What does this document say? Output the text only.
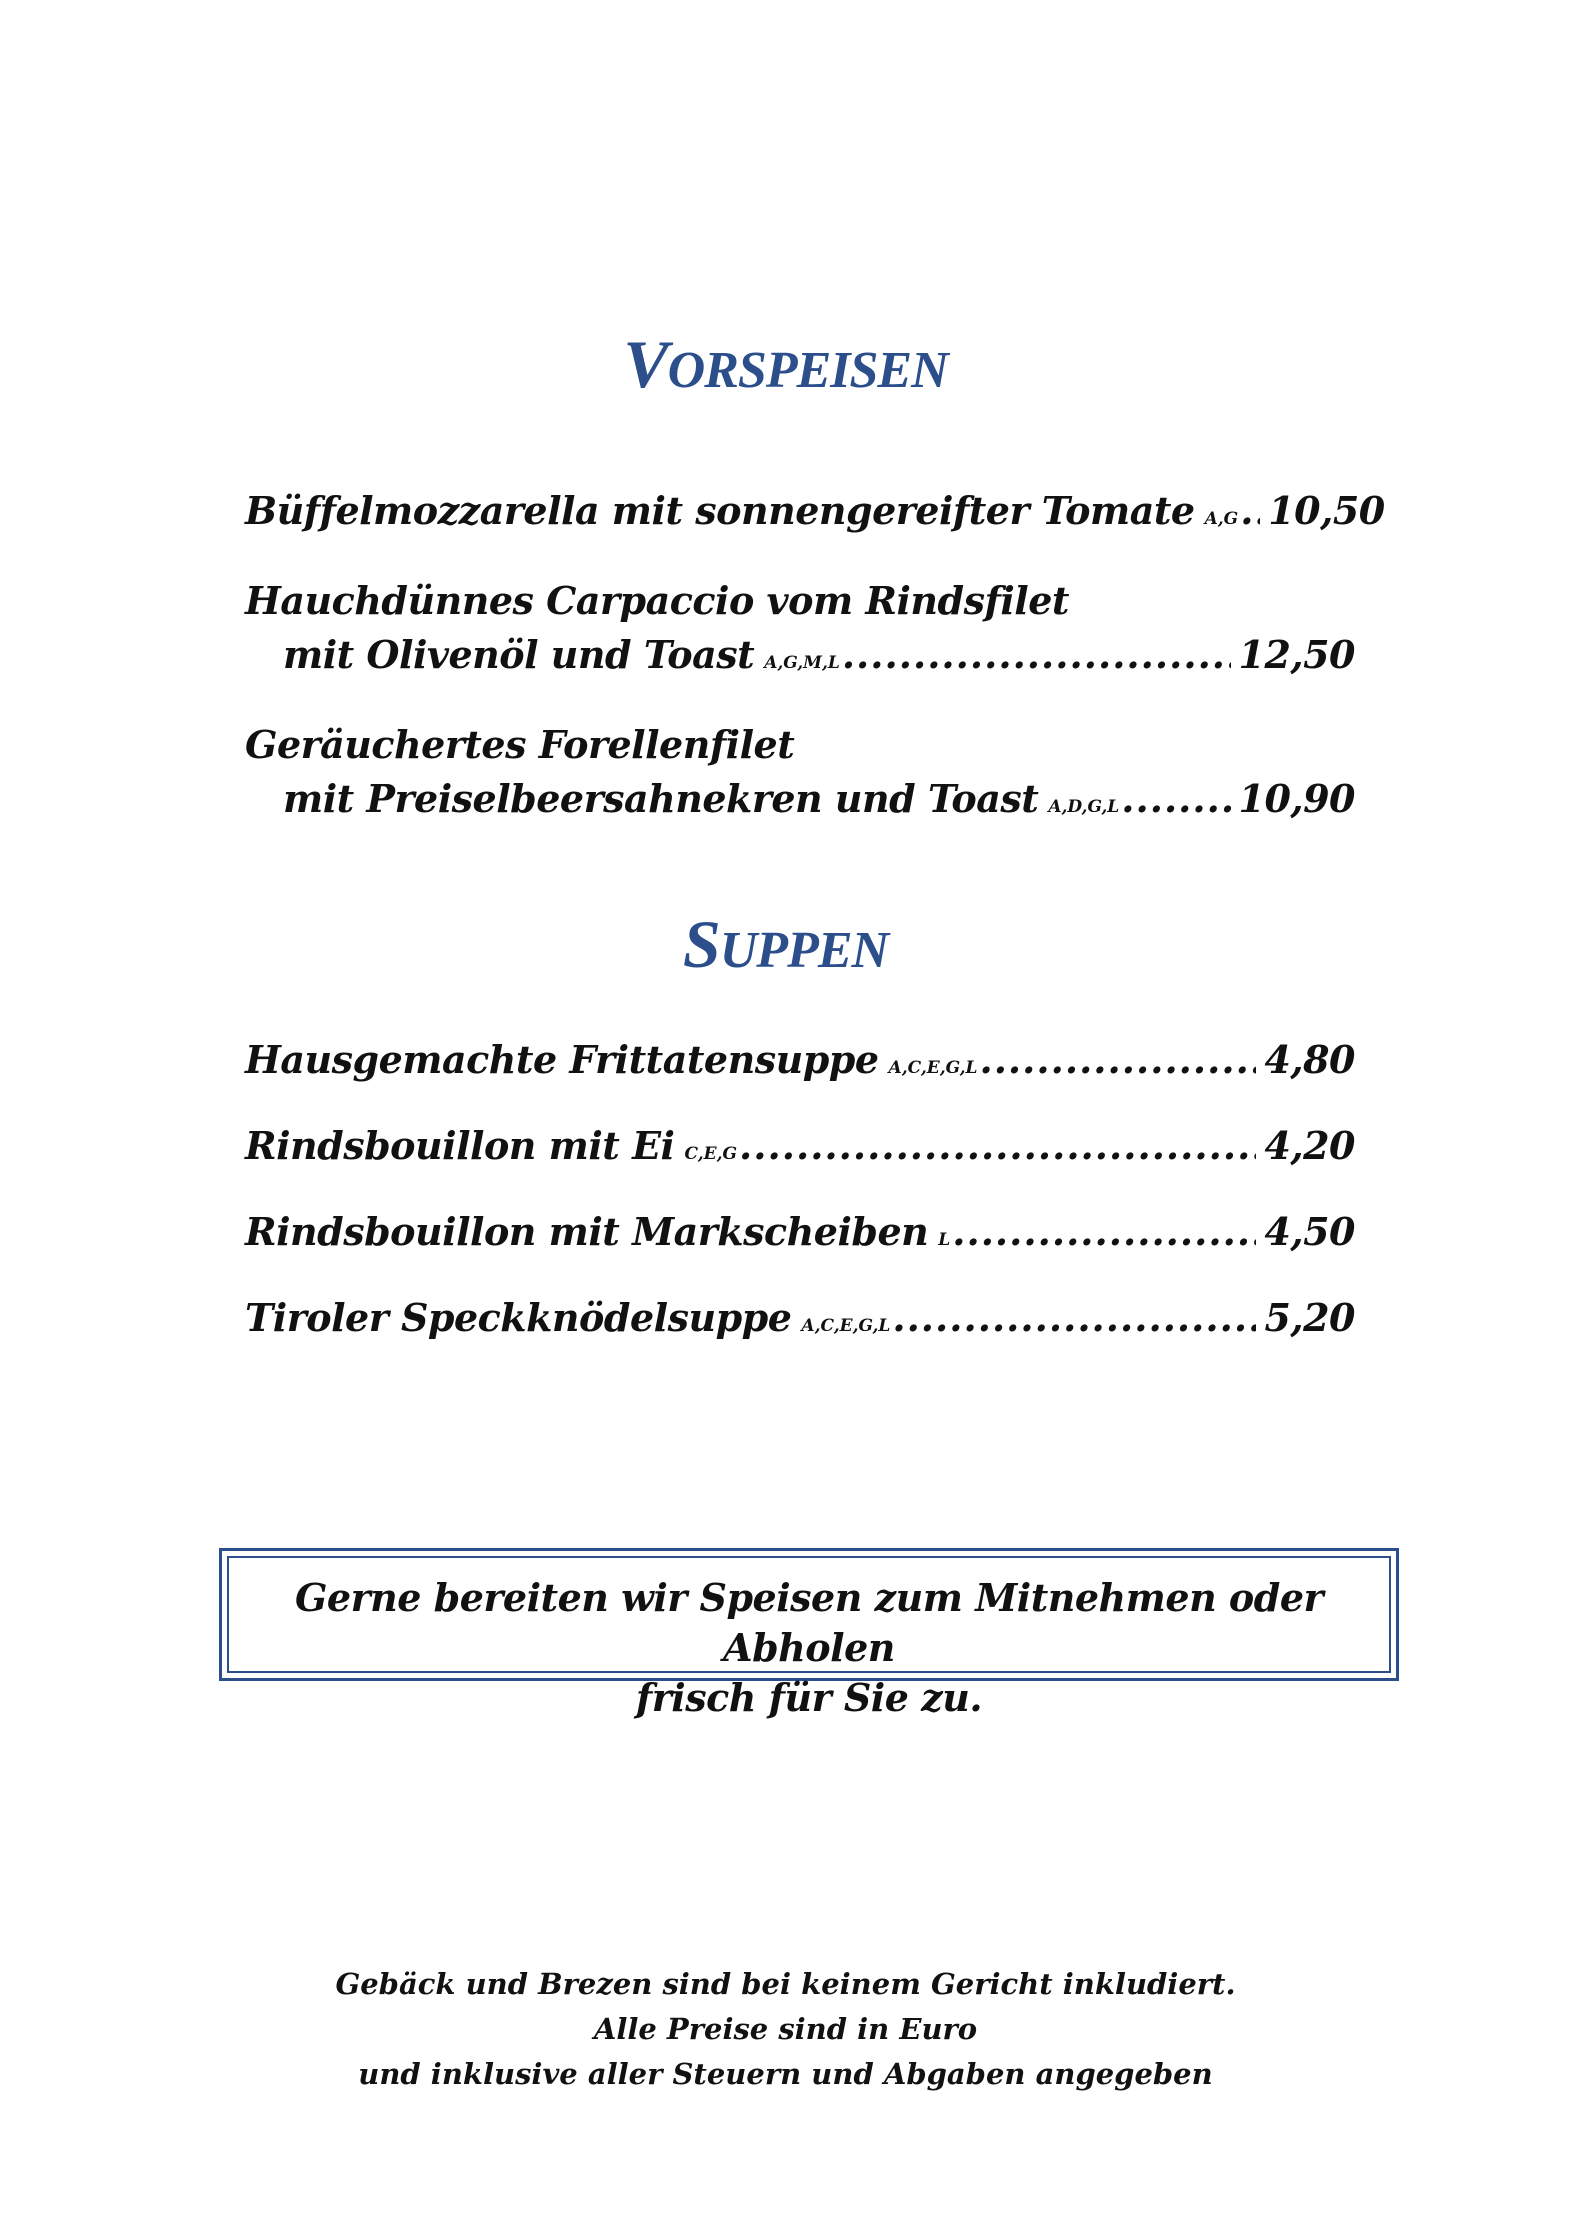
VORSPEISEN
Büffelmozzarella mit sonnengereifter Tomate A,G ..... 10,50
Hauchdünnes Carpaccio vom Rindsfilet
mit Olivenöl und Toast A,G,M,L .....	12,50
Geräuchertes Forellenfilet
mit Preiselbeersahnekren und Toast A,D,G,L .....	10,90
SUPPEN
Hausgemachte Frittatensuppe A,C,E,G,L .....	4,80
Rindsbouillon mit Ei C,E,G .....	4,20
Rindsbouillon mit Markscheiben L .....	4,50
Tiroler Speckknödelsuppe A,C,E,G,L .....	5,20
Gerne bereiten wir Speisen zum Mitnehmen oder Abholen
frisch für Sie zu.
Gebäck und Brezen sind bei keinem Gericht inkludiert.
Alle Preise sind in Euro
und inklusive aller Steuern und Abgaben angegeben
